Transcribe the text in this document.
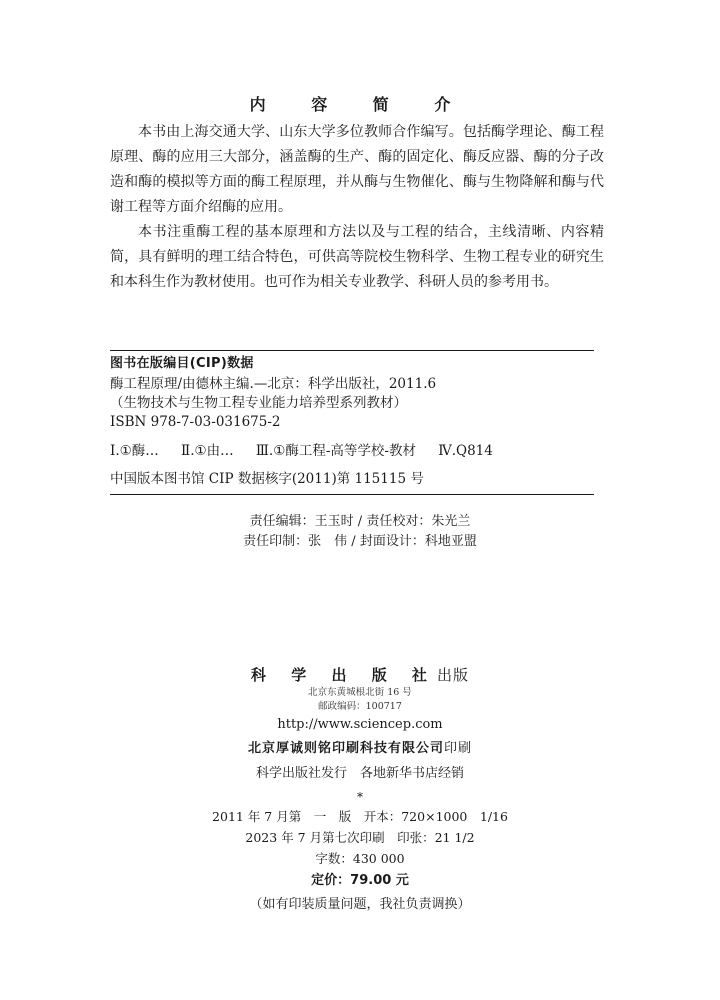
内 容 简 介

本书由上海交通大学、山东大学多位教师合作编写。包括酶学理论、酶工程原理、酶的应用三大部分，涵盖酶的生产、酶的固定化、酶反应器、酶的分子改造和酶的模拟等方面的酶工程原理，并从酶与生物催化、酶与生物降解和酶与代谢工程等方面介绍酶的应用。

本书注重酶工程的基本原理和方法以及与工程的结合，主线清晰、内容精简，具有鲜明的理工结合特色，可供高等院校生物科学、生物工程专业的研究生和本科生作为教材使用。也可作为相关专业教学、科研人员的参考用书。

图书在版编目(CIP)数据
酶工程原理/由德林主编.—北京：科学出版社，2011.6
（生物技术与生物工程专业能力培养型系列教材）
ISBN 978-7-03-031675-2
Ⅰ.①酶… Ⅱ.①由… Ⅲ.①酶工程-高等学校-教材 Ⅳ.Q814
中国版本图书馆 CIP 数据核字(2011)第 115115 号
责任编辑：王玉时 / 责任校对：朱光兰
责任印制：张　伟 / 封面设计：科地亚盟
科 学 出 版 社出版
北京东黄城根北街 16 号
邮政编码：100717
http://www.sciencep.com
北京厚诚则铭印刷科技有限公司印刷
科学出版社发行　各地新华书店经销
*
2011 年 7 月第　一　版　开本：720×1000　1/16
2023 年 7 月第七次印刷　印张：21 1/2
字数：430 000
定价：79.00 元
（如有印装质量问题，我社负责调换）
